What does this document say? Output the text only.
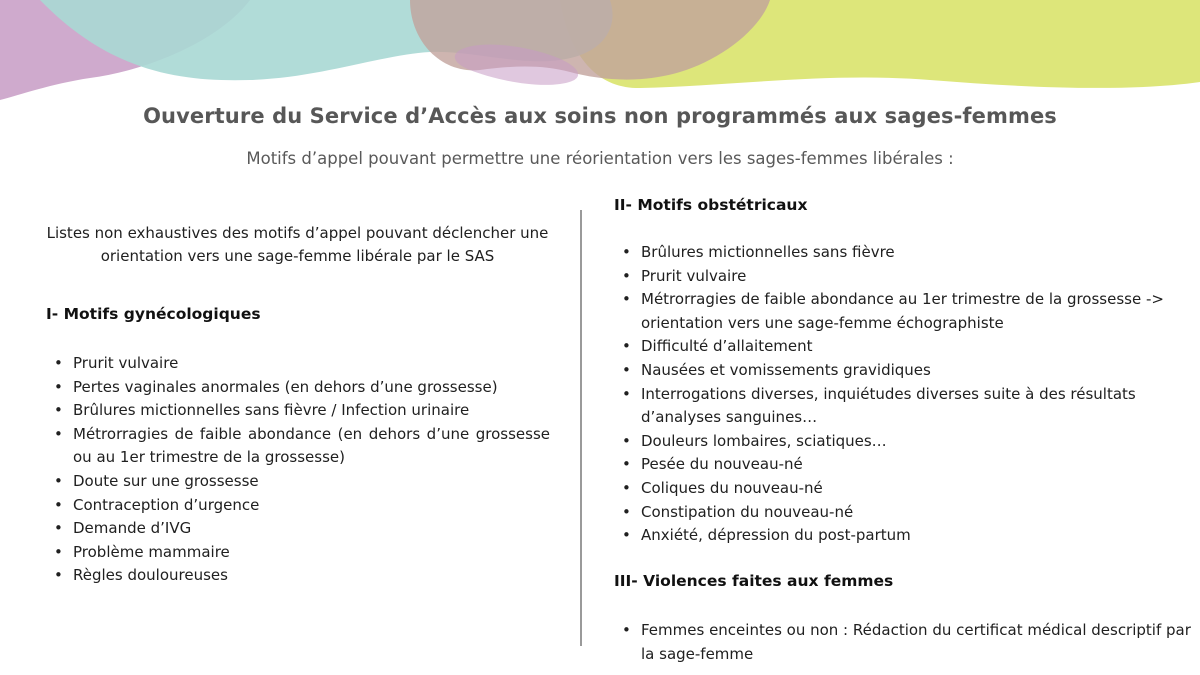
Ouverture du Service d’Accès aux soins non programmés aux sages-femmes
Motifs d’appel pouvant permettre une réorientation vers les sages-femmes libérales :
Listes non exhaustives des motifs d’appel pouvant déclencher une orientation vers une sage-femme libérale par le SAS
I- Motifs gynécologiques
• Prurit vulvaire
• Pertes vaginales anormales (en dehors d’une grossesse)
• Brûlures mictionnelles sans fièvre / Infection urinaire
• Métrorragies de faible abondance (en dehors d’une grossesse ou au 1er trimestre de la grossesse)
• Doute sur une grossesse
• Contraception d’urgence
• Demande d’IVG
• Problème mammaire
• Règles douloureuses
II- Motifs obstétricaux
• Brûlures mictionnelles sans fièvre
• Prurit vulvaire
• Métrorragies de faible abondance au 1er trimestre de la grossesse -> orientation vers une sage-femme échographiste
• Difficulté d’allaitement
• Nausées et vomissements gravidiques
• Interrogations diverses, inquiétudes diverses suite à des résultats d’analyses sanguines…
• Douleurs lombaires, sciatiques…
• Pesée du nouveau-né
• Coliques du nouveau-né
• Constipation du nouveau-né
• Anxiété, dépression du post-partum
III- Violences faites aux femmes
• Femmes enceintes ou non : Rédaction du certificat médical descriptif par la sage-femme
